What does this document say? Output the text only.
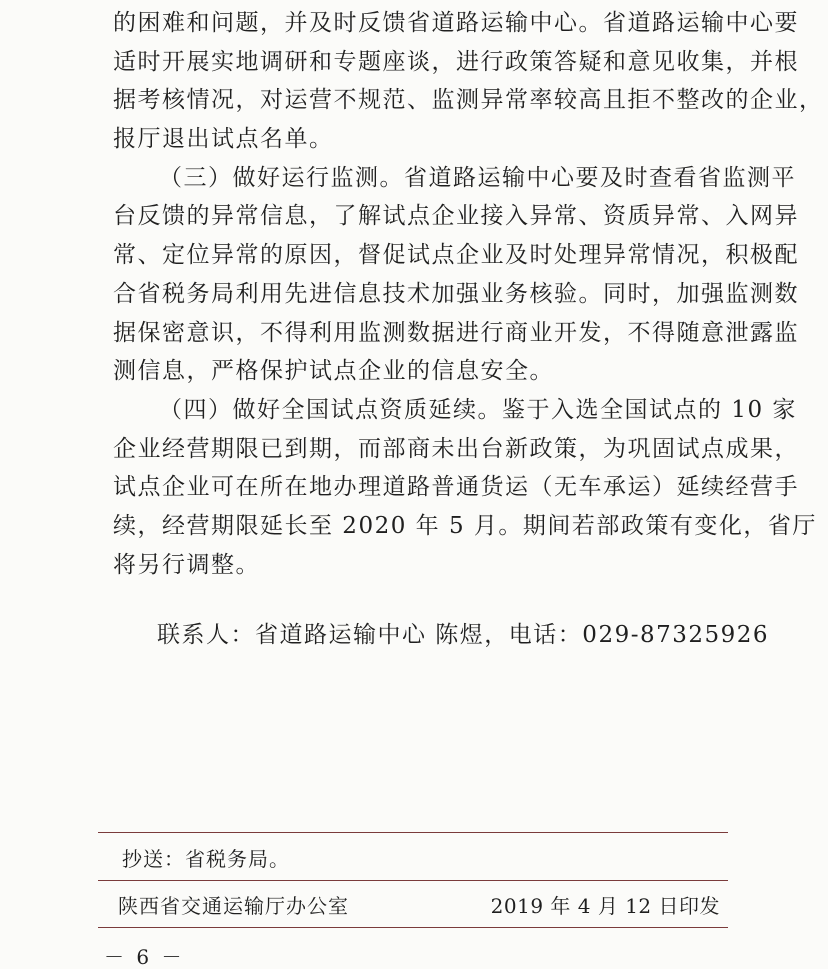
的困难和问题，并及时反馈省道路运输中心。省道路运输中心要
适时开展实地调研和专题座谈，进行政策答疑和意见收集，并根
据考核情况，对运营不规范、监测异常率较高且拒不整改的企业，
报厅退出试点名单。
（三）做好运行监测。省道路运输中心要及时查看省监测平
台反馈的异常信息，了解试点企业接入异常、资质异常、入网异
常、定位异常的原因，督促试点企业及时处理异常情况，积极配
合省税务局利用先进信息技术加强业务核验。同时，加强监测数
据保密意识，不得利用监测数据进行商业开发，不得随意泄露监
测信息，严格保护试点企业的信息安全。
（四）做好全国试点资质延续。鉴于入选全国试点的 10 家
企业经营期限已到期，而部商未出台新政策，为巩固试点成果，
试点企业可在所在地办理道路普通货运（无车承运）延续经营手
续，经营期限延长至 2020 年 5 月。期间若部政策有变化，省厅
将另行调整。
联系人：省道路运输中心 陈煜，电话：029-87325926
抄送：省税务局。
陕西省交通运输厅办公室	2019 年 4 月 12 日印发
－ 6 －
